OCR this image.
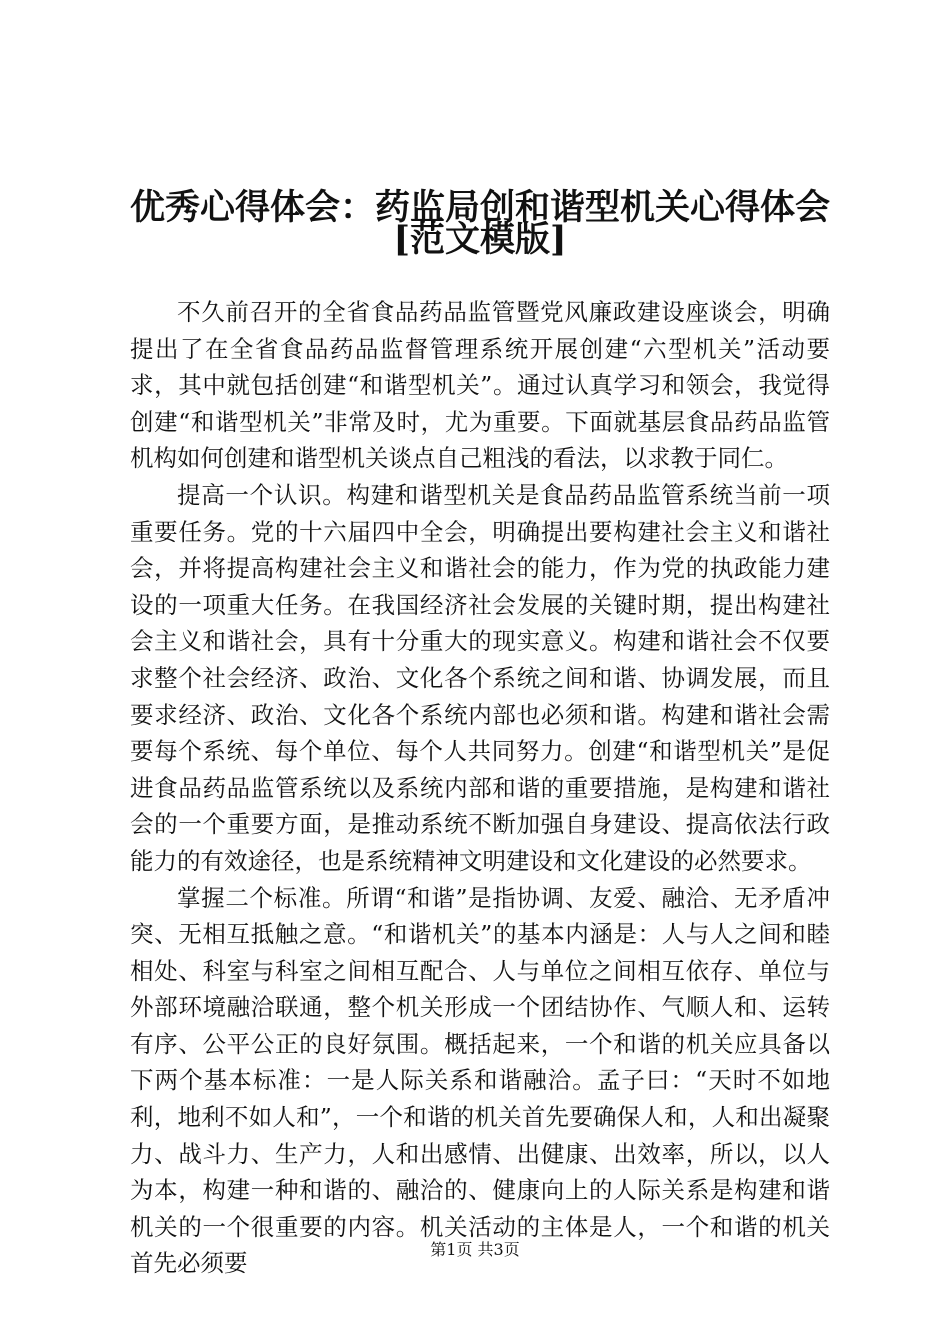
优秀心得体会：药监局创和谐型机关心得体会
[范文模版]

不久前召开的全省食品药品监管暨党风廉政建设座谈会，明确提出了在全省食品药品监督管理系统开展创建“六型机关”活动要求，其中就包括创建“和谐型机关”。通过认真学习和领会，我觉得创建“和谐型机关”非常及时，尤为重要。下面就基层食品药品监管机构如何创建和谐型机关谈点自己粗浅的看法，以求教于同仁。

提高一个认识。构建和谐型机关是食品药品监管系统当前一项重要任务。党的十六届四中全会，明确提出要构建社会主义和谐社会，并将提高构建社会主义和谐社会的能力，作为党的执政能力建设的一项重大任务。在我国经济社会发展的关键时期，提出构建社会主义和谐社会，具有十分重大的现实意义。构建和谐社会不仅要求整个社会经济、政治、文化各个系统之间和谐、协调发展，而且要求经济、政治、文化各个系统内部也必须和谐。构建和谐社会需要每个系统、每个单位、每个人共同努力。创建“和谐型机关”是促进食品药品监管系统以及系统内部和谐的重要措施，是构建和谐社会的一个重要方面，是推动系统不断加强自身建设、提高依法行政能力的有效途径，也是系统精神文明建设和文化建设的必然要求。

掌握二个标准。所谓“和谐”是指协调、友爱、融洽、无矛盾冲突、无相互抵触之意。“和谐机关”的基本内涵是：人与人之间和睦相处、科室与科室之间相互配合、人与单位之间相互依存、单位与外部环境融洽联通，整个机关形成一个团结协作、气顺人和、运转有序、公平公正的良好氛围。概括起来，一个和谐的机关应具备以下两个基本标准：一是人际关系和谐融洽。孟子曰：“天时不如地利，地利不如人和”，一个和谐的机关首先要确保人和，人和出凝聚力、战斗力、生产力，人和出感情、出健康、出效率，所以，以人为本，构建一种和谐的、融洽的、健康向上的人际关系是构建和谐机关的一个很重要的内容。机关活动的主体是人，一个和谐的机关首先必须要	第1页 共3页
